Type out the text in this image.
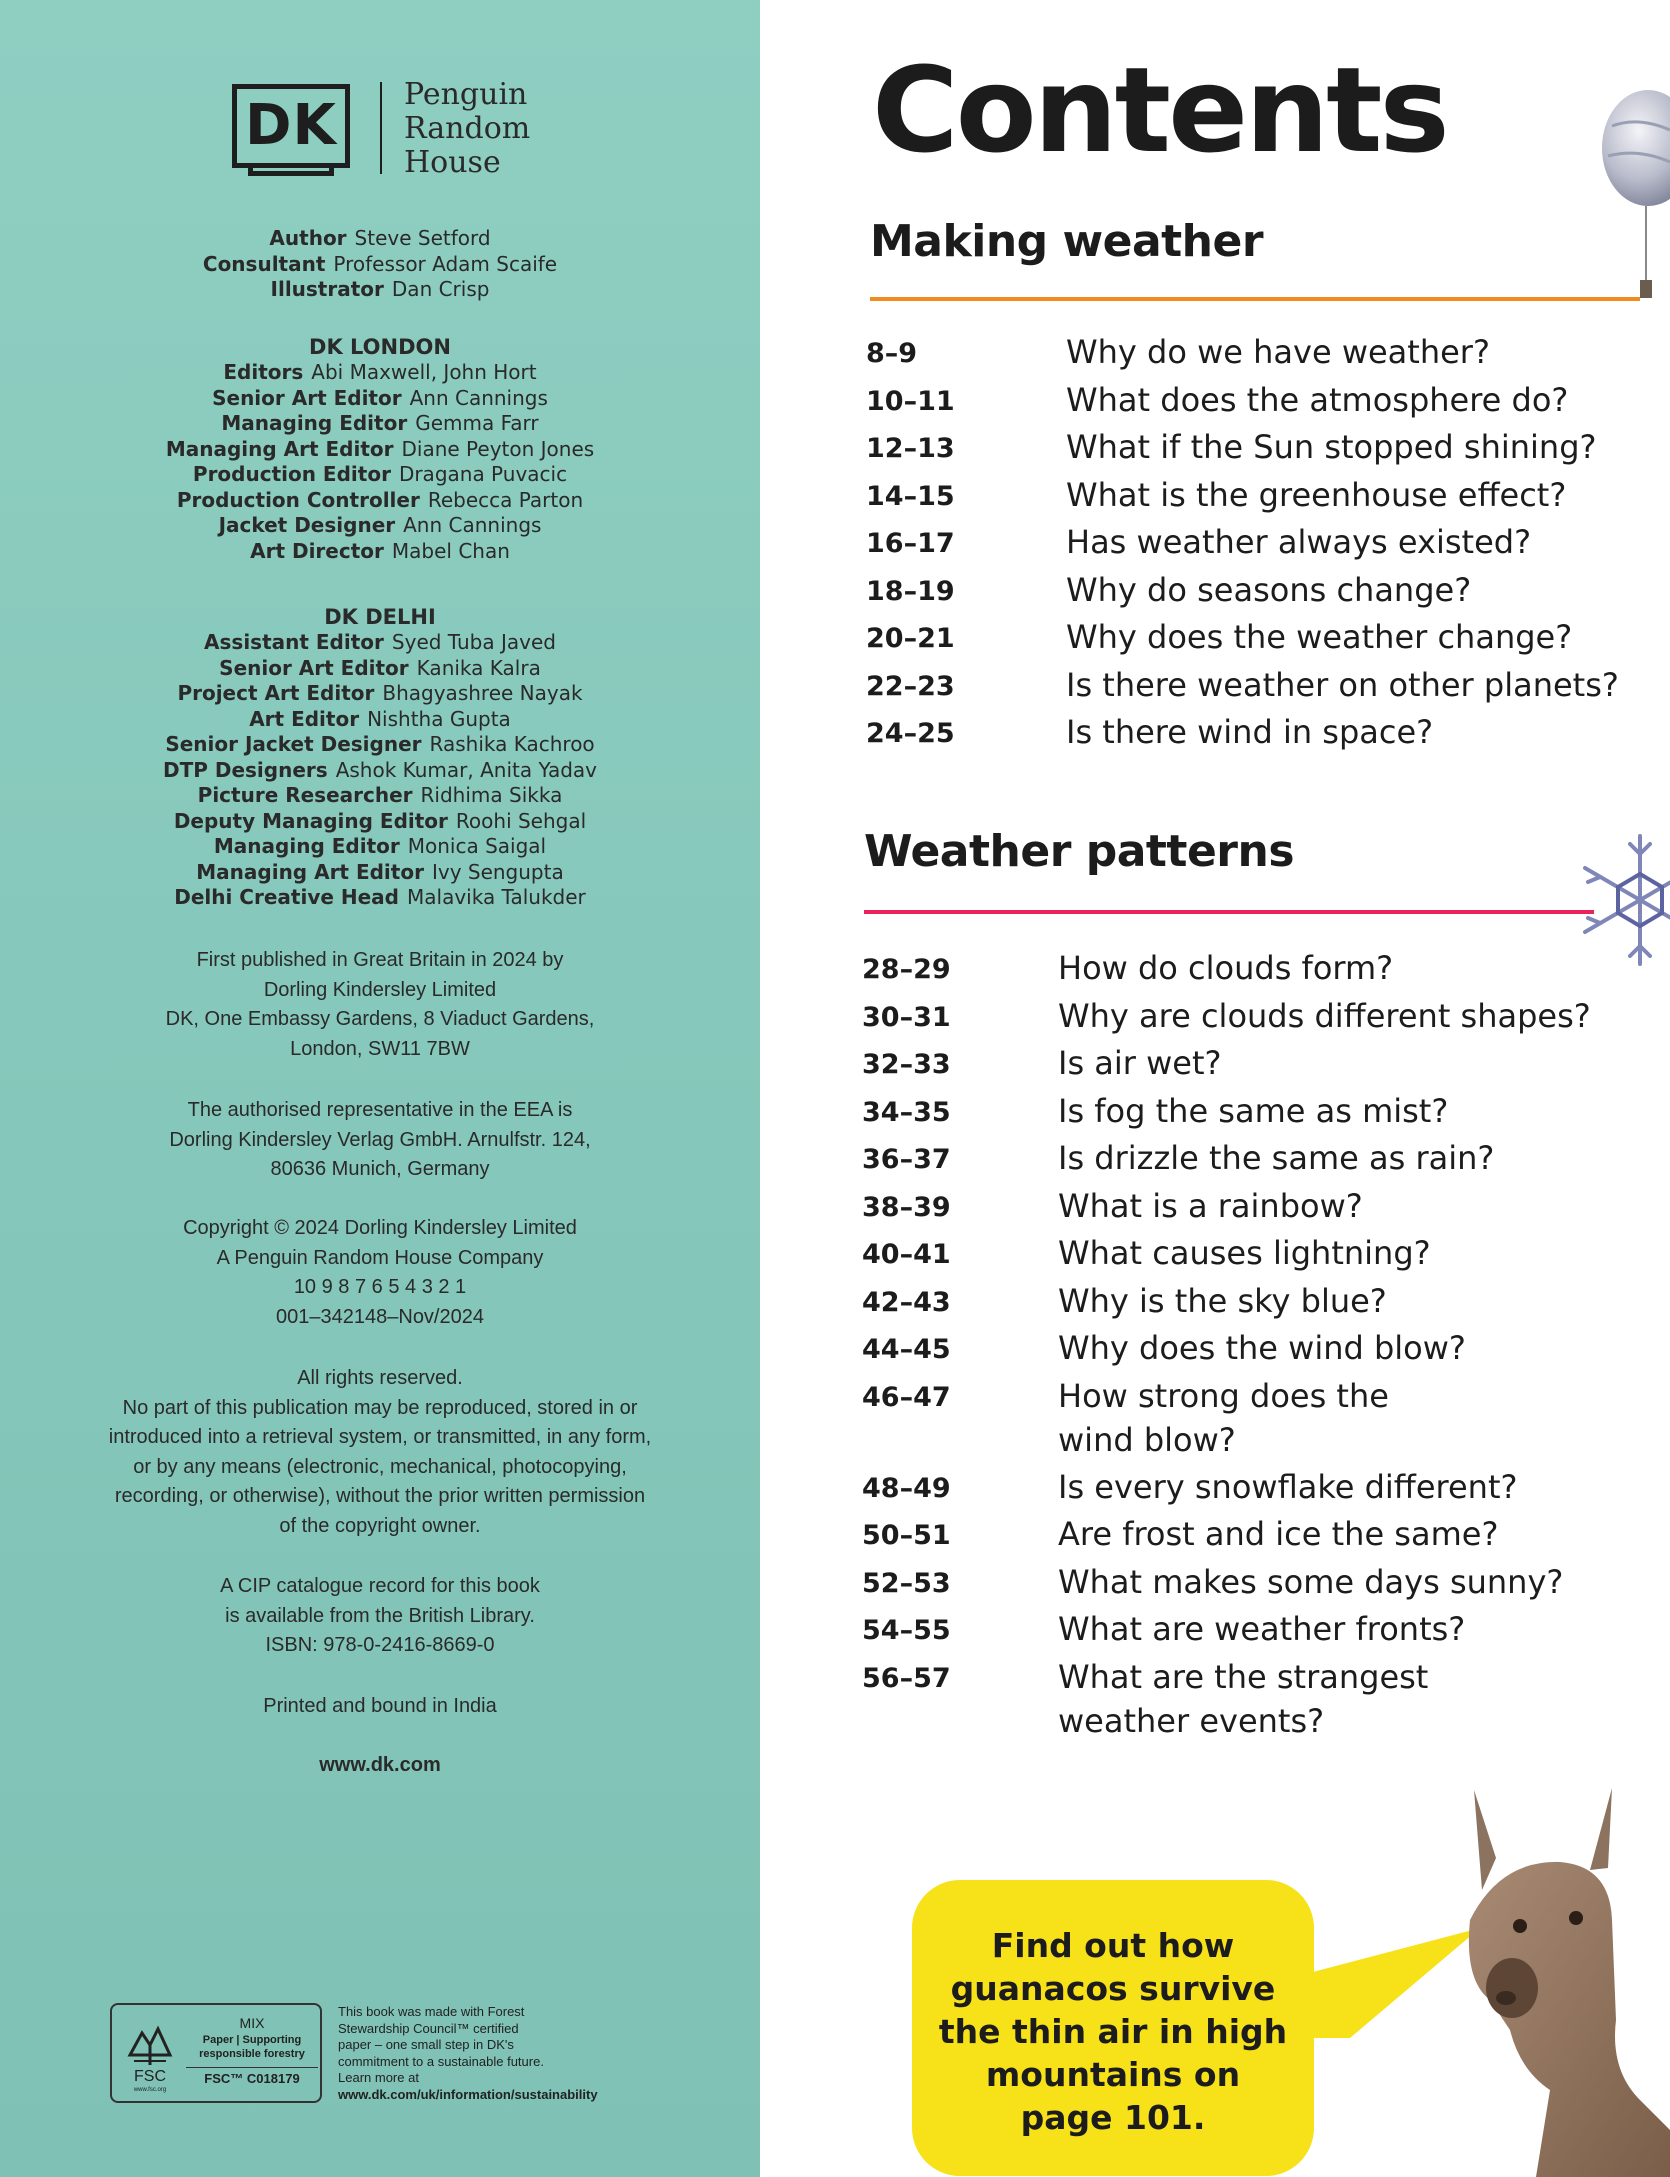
DK	Penguin
Random
House
Author Steve Setford
Consultant Professor Adam Scaife
Illustrator Dan Crisp
DK LONDON
Editors Abi Maxwell, John Hort
Senior Art Editor Ann Cannings
Managing Editor Gemma Farr
Managing Art Editor Diane Peyton Jones
Production Editor Dragana Puvacic
Production Controller Rebecca Parton
Jacket Designer Ann Cannings
Art Director Mabel Chan
DK DELHI
Assistant Editor Syed Tuba Javed
Senior Art Editor Kanika Kalra
Project Art Editor Bhagyashree Nayak
Art Editor Nishtha Gupta
Senior Jacket Designer Rashika Kachroo
DTP Designers Ashok Kumar, Anita Yadav
Picture Researcher Ridhima Sikka
Deputy Managing Editor Roohi Sehgal
Managing Editor Monica Saigal
Managing Art Editor Ivy Sengupta
Delhi Creative Head Malavika Talukder
First published in Great Britain in 2024 by
Dorling Kindersley Limited
DK, One Embassy Gardens, 8 Viaduct Gardens,
London, SW11 7BW
The authorised representative in the EEA is
Dorling Kindersley Verlag GmbH. Arnulfstr. 124,
80636 Munich, Germany
Copyright © 2024 Dorling Kindersley Limited
A Penguin Random House Company
10 9 8 7 6 5 4 3 2 1
001–342148–Nov/2024
All rights reserved.
No part of this publication may be reproduced, stored in or
introduced into a retrieval system, or transmitted, in any form,
or by any means (electronic, mechanical, photocopying,
recording, or otherwise), without the prior written permission
of the copyright owner.
A CIP catalogue record for this book
is available from the British Library.
ISBN: 978-0-2416-8669-0
Printed and bound in India
www.dk.com
FSC
www.fsc.org
MIX
Paper | Supporting
responsible forestry
FSC™ C018179
This book was made with Forest
Stewardship Council™ certified
paper – one small step in DK's
commitment to a sustainable future.
Learn more at
www.dk.com/uk/information/sustainability
Contents
Making weather
8–9	Why do we have weather?
10–11	What does the atmosphere do?
12–13	What if the Sun stopped shining?
14–15	What is the greenhouse effect?
16–17	Has weather always existed?
18–19	Why do seasons change?
20–21	Why does the weather change?
22–23	Is there weather on other planets?
24–25	Is there wind in space?
Weather patterns
28–29	How do clouds form?
30–31	Why are clouds different shapes?
32–33	Is air wet?
34–35	Is fog the same as mist?
36–37	Is drizzle the same as rain?
38–39	What is a rainbow?
40–41	What causes lightning?
42–43	Why is the sky blue?
44–45	Why does the wind blow?
46–47	How strong does the
wind blow?
48–49	Is every snowflake different?
50–51	Are frost and ice the same?
52–53	What makes some days sunny?
54–55	What are weather fronts?
56–57	What are the strangest
weather events?
Find out how
guanacos survive
the thin air in high
mountains on
page 101.
